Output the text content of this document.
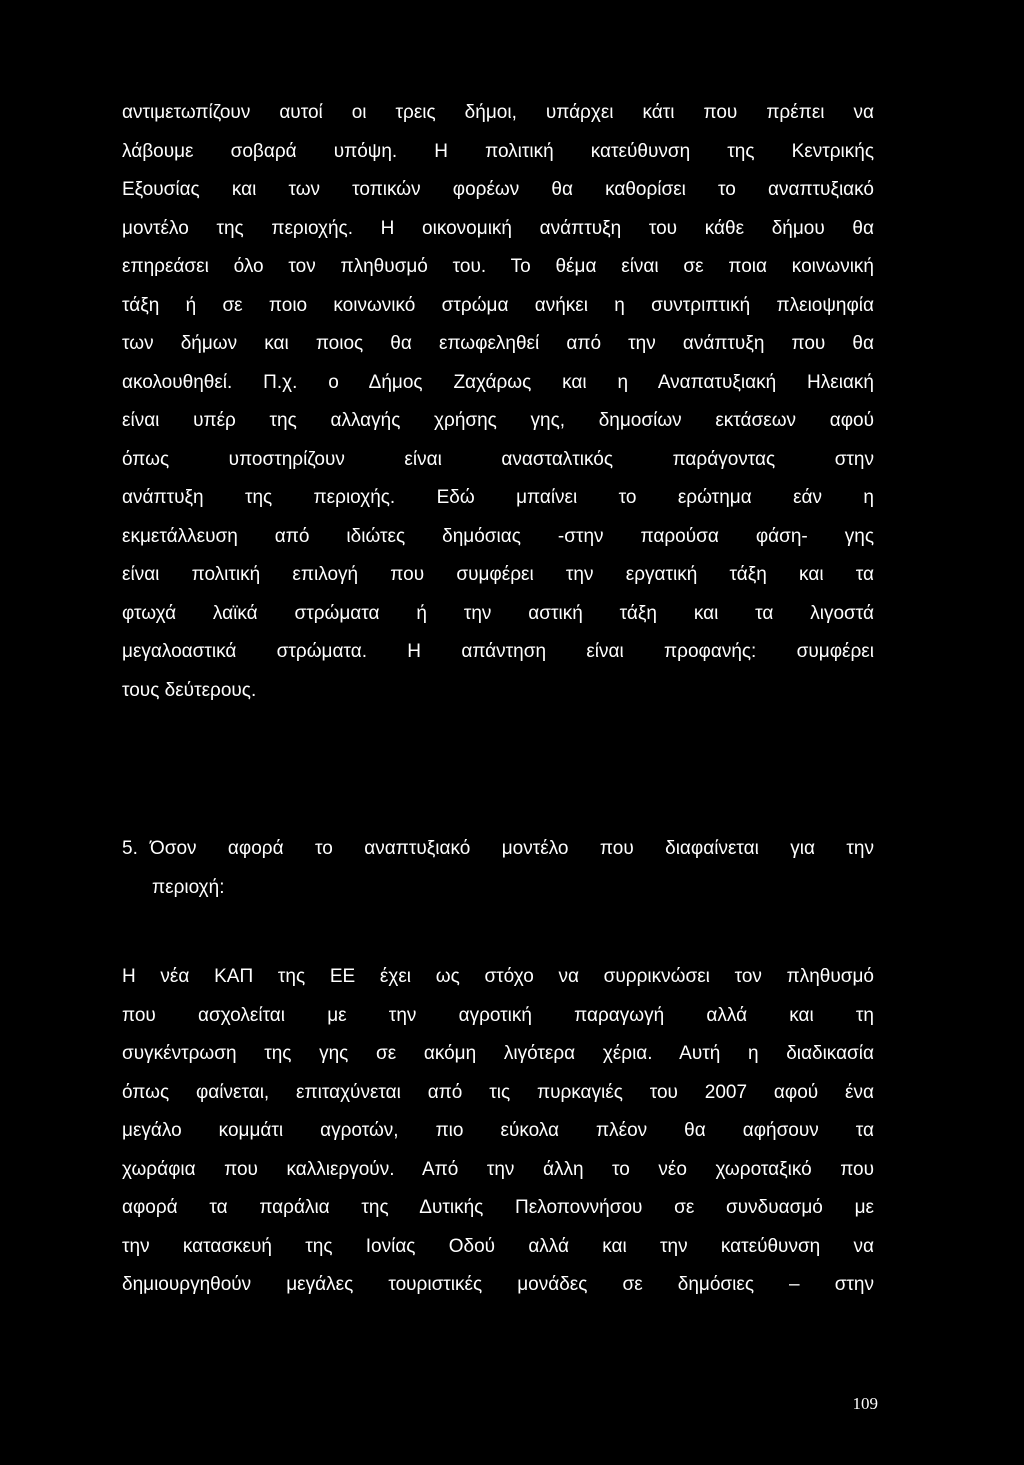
αντιμετωπίζουν αυτοί οι τρεις δήμοι, υπάρχει κάτι που πρέπει να
λάβουμε σοβαρά υπόψη. Η πολιτική κατεύθυνση της Κεντρικής
Εξουσίας και των τοπικών φορέων θα καθορίσει το αναπτυξιακό
μοντέλο της περιοχής. Η οικονομική ανάπτυξη του κάθε δήμου θα
επηρεάσει όλο τον πληθυσμό του. Το θέμα είναι σε ποια κοινωνική
τάξη ή σε ποιο κοινωνικό στρώμα ανήκει η συντριπτική πλειοψηφία
των δήμων και ποιος θα επωφεληθεί από την ανάπτυξη που θα
ακολουθηθεί. Π.χ. ο Δήμος Ζαχάρως και η Αναπατυξιακή Ηλειακή
είναι υπέρ της αλλαγής χρήσης γης, δημοσίων εκτάσεων αφού
όπως υποστηρίζουν είναι ανασταλτικός παράγοντας στην
ανάπτυξη της περιοχής. Εδώ μπαίνει το ερώτημα εάν η
εκμετάλλευση από ιδιώτες δημόσιας -στην παρούσα φάση- γης
είναι πολιτική επιλογή που συμφέρει την εργατική τάξη και τα
φτωχά λαϊκά στρώματα ή την αστική τάξη και τα λιγοστά
μεγαλοαστικά στρώματα. Η απάντηση είναι προφανής: συμφέρει
τους δεύτερους.
5. Όσον αφορά το αναπτυξιακό μοντέλο που διαφαίνεται για την
περιοχή:
Η νέα ΚΑΠ της ΕΕ έχει ως στόχο να συρρικνώσει τον πληθυσμό
που ασχολείται με την αγροτική παραγωγή αλλά και τη
συγκέντρωση της γης σε ακόμη λιγότερα χέρια. Αυτή η διαδικασία
όπως φαίνεται, επιταχύνεται από τις πυρκαγιές του 2007 αφού ένα
μεγάλο κομμάτι αγροτών, πιο εύκολα πλέον θα αφήσουν τα
χωράφια που καλλιεργούν. Από την άλλη το νέο χωροταξικό που
αφορά τα παράλια της Δυτικής Πελοποννήσου σε συνδυασμό με
την κατασκευή της Ιονίας Οδού αλλά και την κατεύθυνση να
δημιουργηθούν μεγάλες τουριστικές μονάδες σε δημόσιες – στην
109
